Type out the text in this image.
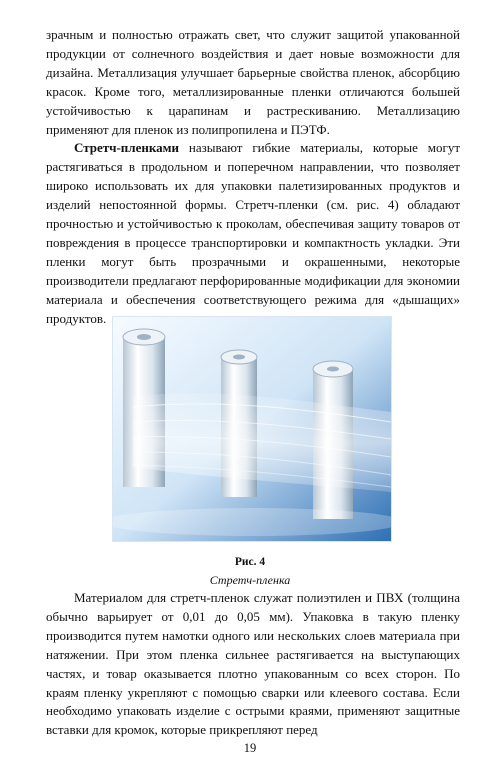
зрачным и полностью отражать свет, что служит защитой упакованной продукции от солнечного воздействия и дает новые возможности для дизайна. Металлизация улучшает барьерные свойства пленок, абсорбцию красок. Кроме того, металлизированные пленки отличаются большей устойчивостью к царапинам и растрескиванию. Металлизацию применяют для пленок из полипропилена и ПЭТФ.

Стретч-пленками называют гибкие материалы, которые могут растягиваться в продольном и поперечном направлении, что позволяет широко использовать их для упаковки палетизированных продуктов и изделий непостоянной формы. Стретч-пленки (см. рис. 4) обладают прочностью и устойчивостью к проколам, обеспечивая защиту товаров от повреждения в процессе транспортировки и компактность укладки. Эти пленки могут быть прозрачными и окрашенными, некоторые производители предлагают перфорированные модификации для экономии материала и обеспечения соответствующего режима для «дышащих» продуктов.

Рис. 4
Стретч-пленка

Материалом для стретч-пленок служат полиэтилен и ПВХ (толщина обычно варьирует от 0,01 до 0,05 мм). Упаковка в такую пленку производится путем намотки одного или нескольких слоев материала при натяжении. При этом пленка сильнее растягивается на выступающих частях, и товар оказывается плотно упакованным со всех сторон. По краям пленку укрепляют с помощью сварки или клеевого состава. Если необходимо упаковать изделие с острыми краями, применяют защитные вставки для кромок, которые прикрепляют перед

19
